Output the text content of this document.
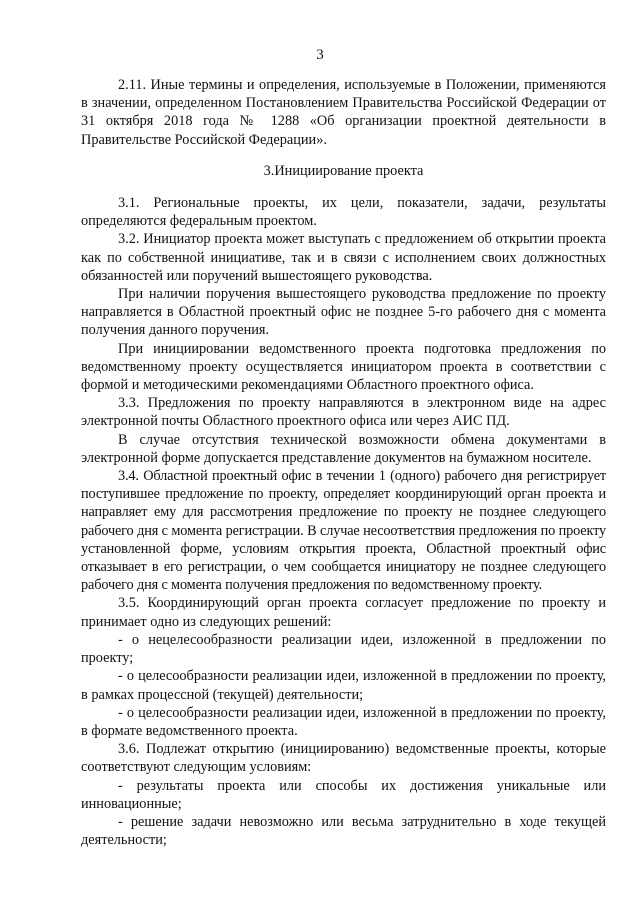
3

2.11. Иные термины и определения, используемые в Положении, применяются в значении, определенном Постановлением Правительства Российской Федерации от 31 октября 2018 года № 1288 «Об организации проектной деятельности в Правительстве Российской Федерации».

3.Инициирование проекта

3.1. Региональные проекты, их цели, показатели, задачи, результаты определяются федеральным проектом.

3.2. Инициатор проекта может выступать с предложением об открытии проекта как по собственной инициативе, так и в связи с исполнением своих должностных обязанностей или поручений вышестоящего руководства.

При наличии поручения вышестоящего руководства предложение по проекту направляется в Областной проектный офис не позднее 5-го рабочего дня с момента получения данного поручения.

При инициировании ведомственного проекта подготовка предложения по ведомственному проекту осуществляется инициатором проекта в соответствии с формой и методическими рекомендациями Областного проектного офиса.

3.3. Предложения по проекту направляются в электронном виде на адрес электронной почты Областного проектного офиса или через АИС ПД.

В случае отсутствия технической возможности обмена документами в электронной форме допускается представление документов на бумажном носителе.

3.4. Областной проектный офис в течении 1 (одного) рабочего дня регистрирует поступившее предложение по проекту, определяет координирующий орган проекта и направляет ему для рассмотрения предложение по проекту не позднее следующего рабочего дня с момента регистрации. В случае несоответствия предложения по проекту установленной форме, условиям открытия проекта, Областной проектный офис отказывает в его регистрации, о чем сообщается инициатору не позднее следующего рабочего дня с момента получения предложения по ведомственному проекту.

3.5. Координирующий орган проекта согласует предложение по проекту и принимает одно из следующих решений:

- о нецелесообразности реализации идеи, изложенной в предложении по проекту;

- о целесообразности реализации идеи, изложенной в предложении по проекту, в рамках процессной (текущей) деятельности;

- о целесообразности реализации идеи, изложенной в предложении по проекту, в формате ведомственного проекта.

3.6. Подлежат открытию (инициированию) ведомственные проекты, которые соответствуют следующим условиям:

- результаты проекта или способы их достижения уникальные или инновационные;

- решение задачи невозможно или весьма затруднительно в ходе текущей деятельности;
